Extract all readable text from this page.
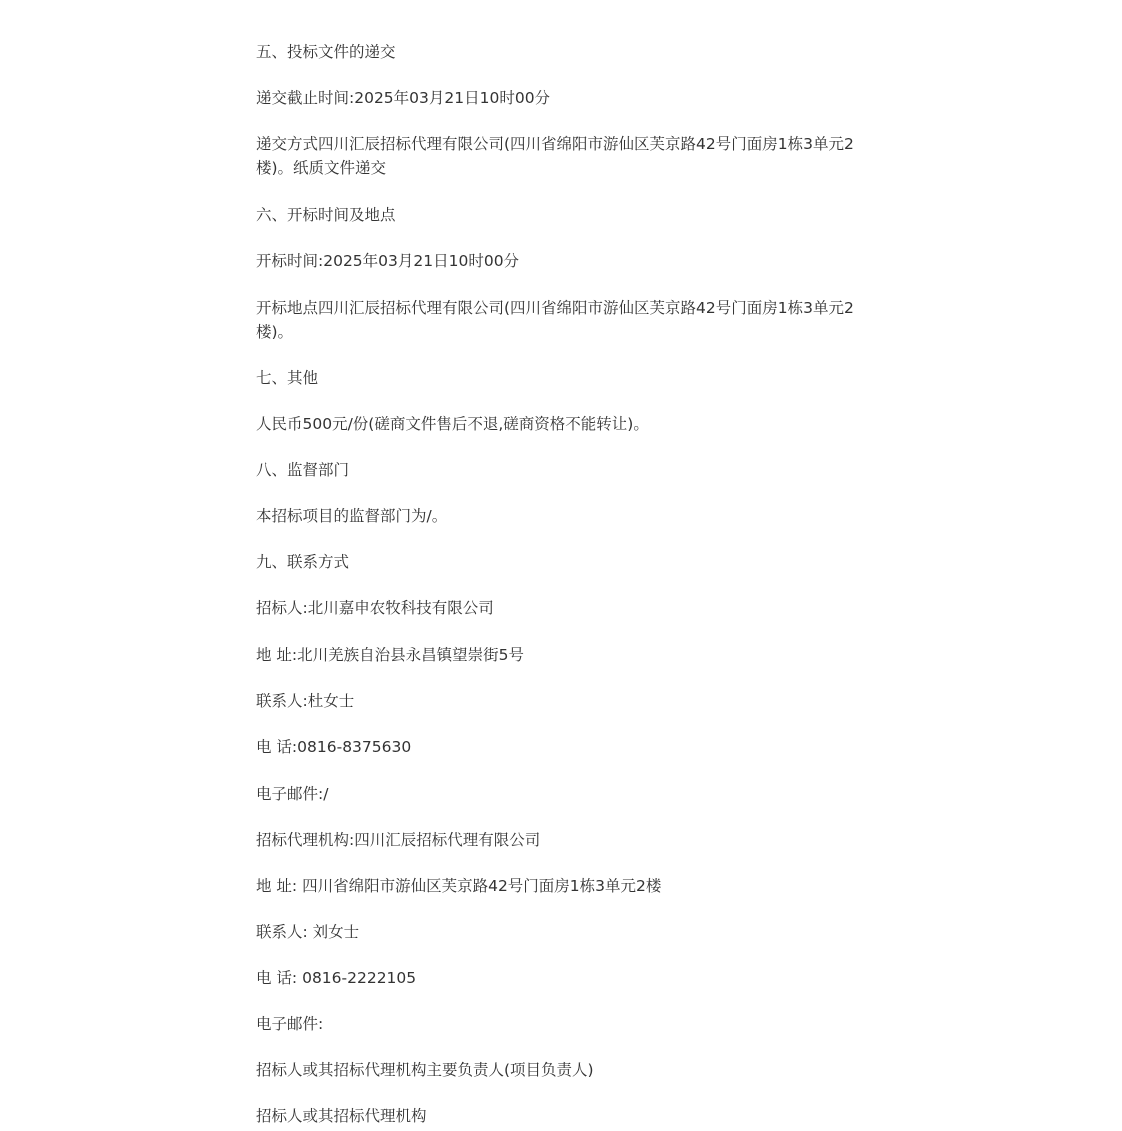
五、投标文件的递交

递交截止时间:2025年03月21日10时00分

递交方式四川汇辰招标代理有限公司(四川省绵阳市游仙区芙京路42号门面房1栋3单元2楼)。纸质文件递交

六、开标时间及地点

开标时间:2025年03月21日10时00分

开标地点四川汇辰招标代理有限公司(四川省绵阳市游仙区芙京路42号门面房1栋3单元2楼)。

七、其他

人民币500元/份(磋商文件售后不退,磋商资格不能转让)。

八、监督部门

本招标项目的监督部门为/。

九、联系方式

招标人:北川嘉申农牧科技有限公司

地 址:北川羌族自治县永昌镇望崇街5号

联系人:杜女士

电 话:0816-8375630

电子邮件:/

招标代理机构:四川汇辰招标代理有限公司

地 址: 四川省绵阳市游仙区芙京路42号门面房1栋3单元2楼

联系人: 刘女士

电 话: 0816-2222105

电子邮件:

招标人或其招标代理机构主要负责人(项目负责人)

招标人或其招标代理机构
